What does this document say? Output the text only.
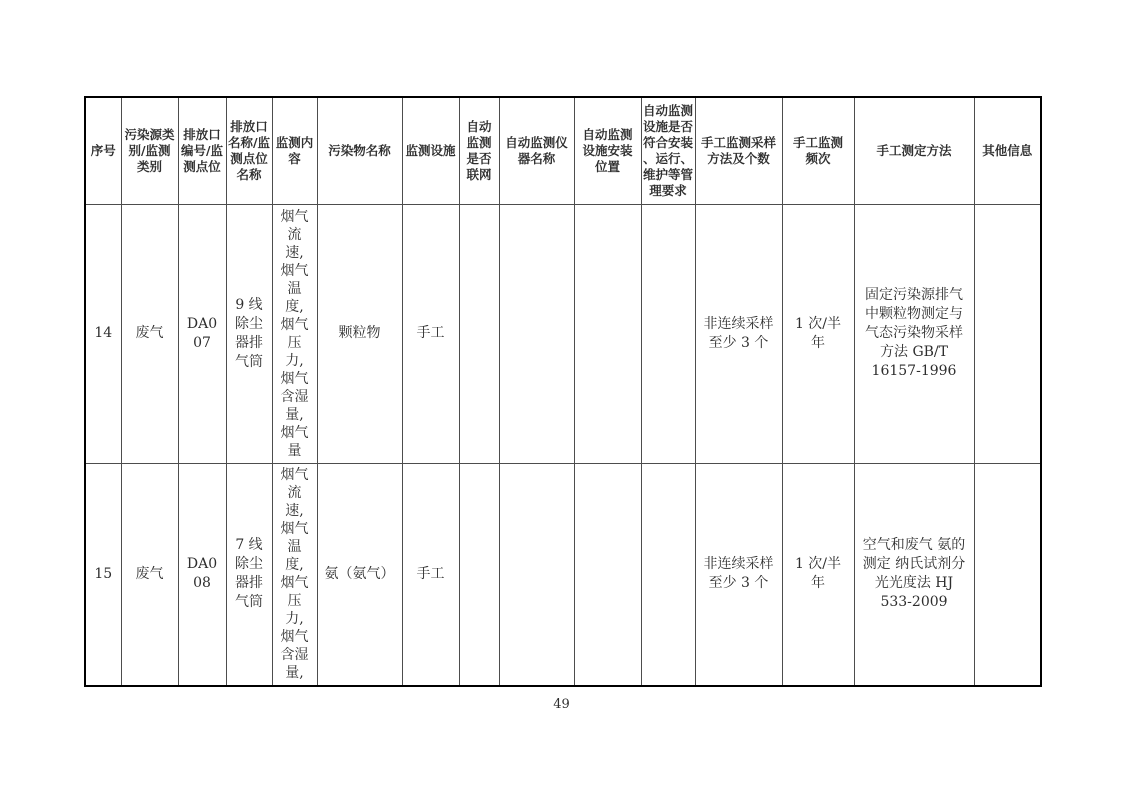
序号	污染源类别/监测类别	排放口编号/监测点位	排放口名称/监测点位名称	监测内容	污染物名称	监测设施	自动监测是否联网	自动监测仪器名称	自动监测设施安装位置	自动监测设施是否符合安装、运行、维护等管理要求	手工监测采样方法及个数	手工监测频次	手工测定方法	其他信息
14	废气	DA007	9 线除尘器排气筒	烟气流速,烟气温度,烟气压力,烟气含湿量,烟气量	颗粒物	手工					非连续采样至少 3 个	1 次/半年	固定污染源排气中颗粒物测定与气态污染物采样方法 GB/T 16157-1996	
15	废气	DA008	7 线除尘器排气筒	烟气流速,烟气温度,烟气压力,烟气含湿量,	氨（氨气）	手工					非连续采样至少 3 个	1 次/半年	空气和废气 氨的测定 纳氏试剂分光光度法 HJ 533-2009	
49
